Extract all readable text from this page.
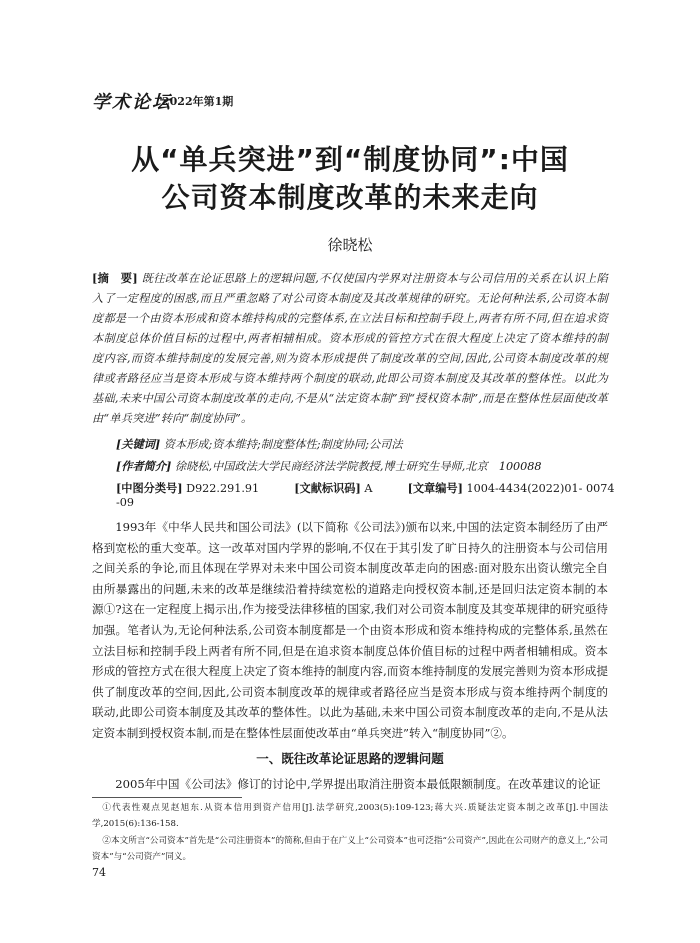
学术论坛
2022年第1期
从“单兵突进”到“制度协同”:中国
公司资本制度改革的未来走向
徐晓松
[摘　要] 既往改革在论证思路上的逻辑问题,不仅使国内学界对注册资本与公司信用的关系在认识上陷入了一定程度的困惑,而且严重忽略了对公司资本制度及其改革规律的研究。无论何种法系,公司资本制度都是一个由资本形成和资本维持构成的完整体系,在立法目标和控制手段上,两者有所不同,但在追求资本制度总体价值目标的过程中,两者相辅相成。资本形成的管控方式在很大程度上决定了资本维持的制度内容,而资本维持制度的发展完善,则为资本形成提供了制度改革的空间,因此,公司资本制度改革的规律或者路径应当是资本形成与资本维持两个制度的联动,此即公司资本制度及其改革的整体性。以此为基础,未来中国公司资本制度改革的走向,不是从“法定资本制”到“授权资本制”,而是在整体性层面使改革由“单兵突进”转向“制度协同”。
[关键词] 资本形成;资本维持;制度整体性;制度协同;公司法
[作者简介] 徐晓松,中国政法大学民商经济法学院教授,博士研究生导师,北京　100088
[中图分类号] D922.291.91	[文献标识码] A	[文章编号] 1004-4434(2022)01- 0074 -09
1993年《中华人民共和国公司法》(以下简称《公司法》)颁布以来,中国的法定资本制经历了由严格到宽松的重大变革。这一改革对国内学界的影响,不仅在于其引发了旷日持久的注册资本与公司信用之间关系的争论,而且体现在学界对未来中国公司资本制度改革走向的困惑:面对股东出资认缴完全自由所暴露出的问题,未来的改革是继续沿着持续宽松的道路走向授权资本制,还是回归法定资本制的本源①?这在一定程度上揭示出,作为接受法律移植的国家,我们对公司资本制度及其变革规律的研究亟待加强。笔者认为,无论何种法系,公司资本制度都是一个由资本形成和资本维持构成的完整体系,虽然在立法目标和控制手段上两者有所不同,但是在追求资本制度总体价值目标的过程中两者相辅相成。资本形成的管控方式在很大程度上决定了资本维持的制度内容,而资本维持制度的发展完善则为资本形成提供了制度改革的空间,因此,公司资本制度改革的规律或者路径应当是资本形成与资本维持两个制度的联动,此即公司资本制度及其改革的整体性。以此为基础,未来中国公司资本制度改革的走向,不是从法定资本制到授权资本制,而是在整体性层面使改革由“单兵突进”转入“制度协同”②。
一、既往改革论证思路的逻辑问题
2005年中国《公司法》修订的讨论中,学界提出取消注册资本最低限额制度。在改革建议的论证
①代表性观点见赵旭东.从资本信用到资产信用[J].法学研究,2003(5):109-123;蒋大兴.质疑法定资本制之改革[J].中国法学,2015(6):136-158.
②本文所言“公司资本”首先是“公司注册资本”的简称,但由于在广义上“公司资本”也可泛指“公司资产”,因此在公司财产的意义上,“公司资本”与“公司资产”同义。
74
